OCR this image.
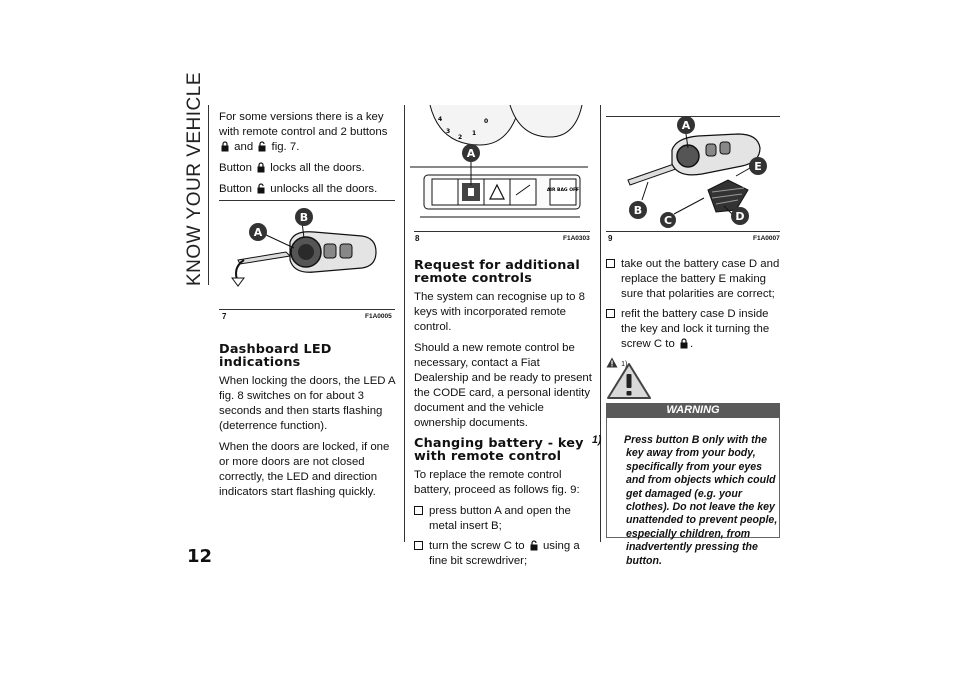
KNOW YOUR VEHICLE
12

For some versions there is a key with remote control and 2 buttons  and fig. 7.

Button locks all the doors.

Button unlocks all the doors.

A
B
7	F1A0005
Dashboard LED indications

When locking the doors, the LED A fig. 8 switches on for about 3 seconds and then starts flashing (deterrence function).

When the doors are locked, if one or more doors are not closed correctly, the LED and direction indicators start flashing quickly.

4
3
2
1
0
AIR BAG OFF
A
8	F1A0303
Request for additional remote controls

The system can recognise up to 8 keys with incorporated remote control.

Should a new remote control be necessary, contact a Fiat Dealership and be ready to present the CODE card, a personal identity document and the vehicle ownership documents.

Changing battery - key with remote control

To replace the remote control battery, proceed as follows fig. 9:

press button A and open the metal insert B;
turn the screw C to using a fine bit screwdriver;
A
E
B
C	D
9	F1A0007
take out the battery case D and replace the battery E making sure that polarities are correct;
refit the battery case D inside the key and lock it turning the screw C to .
1)
WARNING
1) Press button B only with the key away from your body, specifically from your eyes and from objects which could get damaged (e.g. your clothes). Do not leave the key unattended to prevent people, especially children, from inadvertently pressing the button.
